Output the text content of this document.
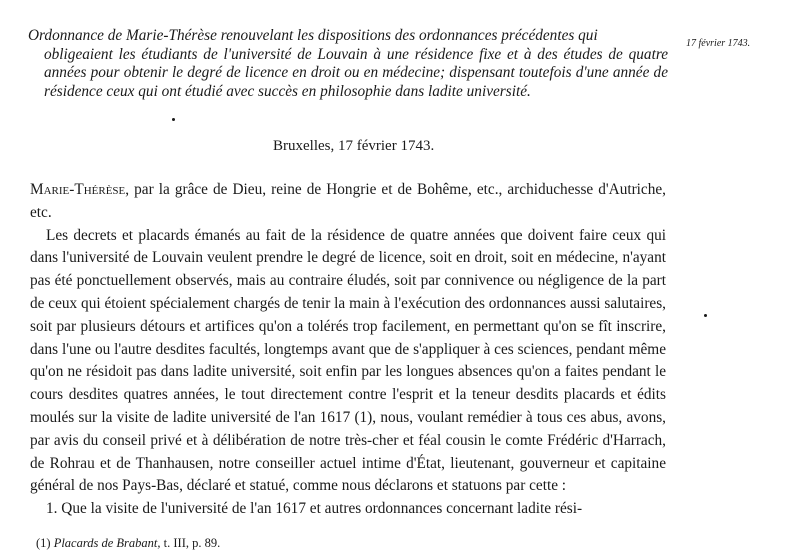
Ordonnance de Marie-Thérèse renouvelant les dispositions des ordonnances précédentes qui
obligeaient les étudiants de l'université de Louvain à une résidence fixe et à des études de quatre années pour obtenir le degré de licence en droit ou en médecine; dispensant toutefois d'une année de résidence ceux qui ont étudié avec succès en philosophie dans ladite université.
17 février 1743.
Bruxelles, 17 février 1743.

Marie-Thérèse, par la grâce de Dieu, reine de Hongrie et de Bohême, etc., archiduchesse d'Autriche, etc.

Les decrets et placards émanés au fait de la résidence de quatre années que doivent faire ceux qui dans l'université de Louvain veulent prendre le degré de licence, soit en droit, soit en médecine, n'ayant pas été ponctuellement observés, mais au contraire éludés, soit par connivence ou négligence de la part de ceux qui étoient spécialement chargés de tenir la main à l'exécution des ordonnances aussi salutaires, soit par plusieurs détours et artifices qu'on a tolérés trop facilement, en permettant qu'on se fît inscrire, dans l'une ou l'autre desdites facultés, longtemps avant que de s'appliquer à ces sciences, pendant même qu'on ne résidoit pas dans ladite université, soit enfin par les longues absences qu'on a faites pendant le cours desdites quatres années, le tout directement contre l'esprit et la teneur desdits placards et édits moulés sur la visite de ladite université de l'an 1617 (1), nous, voulant remédier à tous ces abus, avons, par avis du conseil privé et à délibération de notre très-cher et féal cousin le comte Frédéric d'Harrach, de Rohrau et de Thanhausen, notre conseiller actuel intime d'État, lieutenant, gouverneur et capitaine général de nos Pays-Bas, déclaré et statué, comme nous déclarons et statuons par cette :

1. Que la visite de l'université de l'an 1617 et autres ordonnances concernant ladite rési-

(1) Placards de Brabant, t. III, p. 89.
